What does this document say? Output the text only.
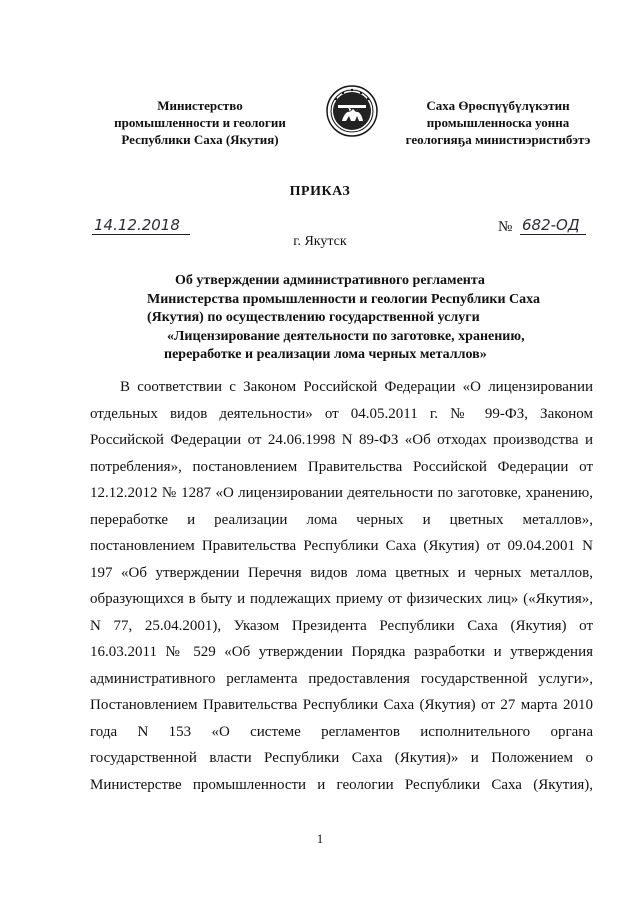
Министерство
промышленности и геологии
Республики Саха (Якутия)
Саха Өрөспүүбүлүкэтин
промышленноска уонна
геологияҕа министиэристибэтэ
ПРИКАЗ
14.12.2018	№ 682-ОД
г. Якутск
Об утверждении административного регламента
Министерства промышленности и геологии Республики Саха
(Якутия) по осуществлению государственной услуги
«Лицензирование деятельности по заготовке, хранению,
переработке и реализации лома черных металлов»
В соответствии с Законом Российской Федерации «О лицензировании
отдельных видов деятельности» от 04.05.2011 г. № 99-ФЗ, Законом
Российской Федерации от 24.06.1998 N 89-ФЗ «Об отходах производства и
потребления», постановлением Правительства Российской Федерации от
12.12.2012 № 1287 «О лицензировании деятельности по заготовке, хранению,
переработке и реализации лома черных и цветных металлов»,
постановлением Правительства Республики Саха (Якутия) от 09.04.2001 N
197 «Об утверждении Перечня видов лома цветных и черных металлов,
образующихся в быту и подлежащих приему от физических лиц» («Якутия»,
N 77, 25.04.2001), Указом Президента Республики Саха (Якутия) от
16.03.2011 № 529 «Об утверждении Порядка разработки и утверждения
административного регламента предоставления государственной услуги»,
Постановлением Правительства Республики Саха (Якутия) от 27 марта 2010
года N 153 «О системе регламентов исполнительного органа
государственной власти Республики Саха (Якутия)» и Положением о
Министерстве промышленности и геологии Республики Саха (Якутия),
1
